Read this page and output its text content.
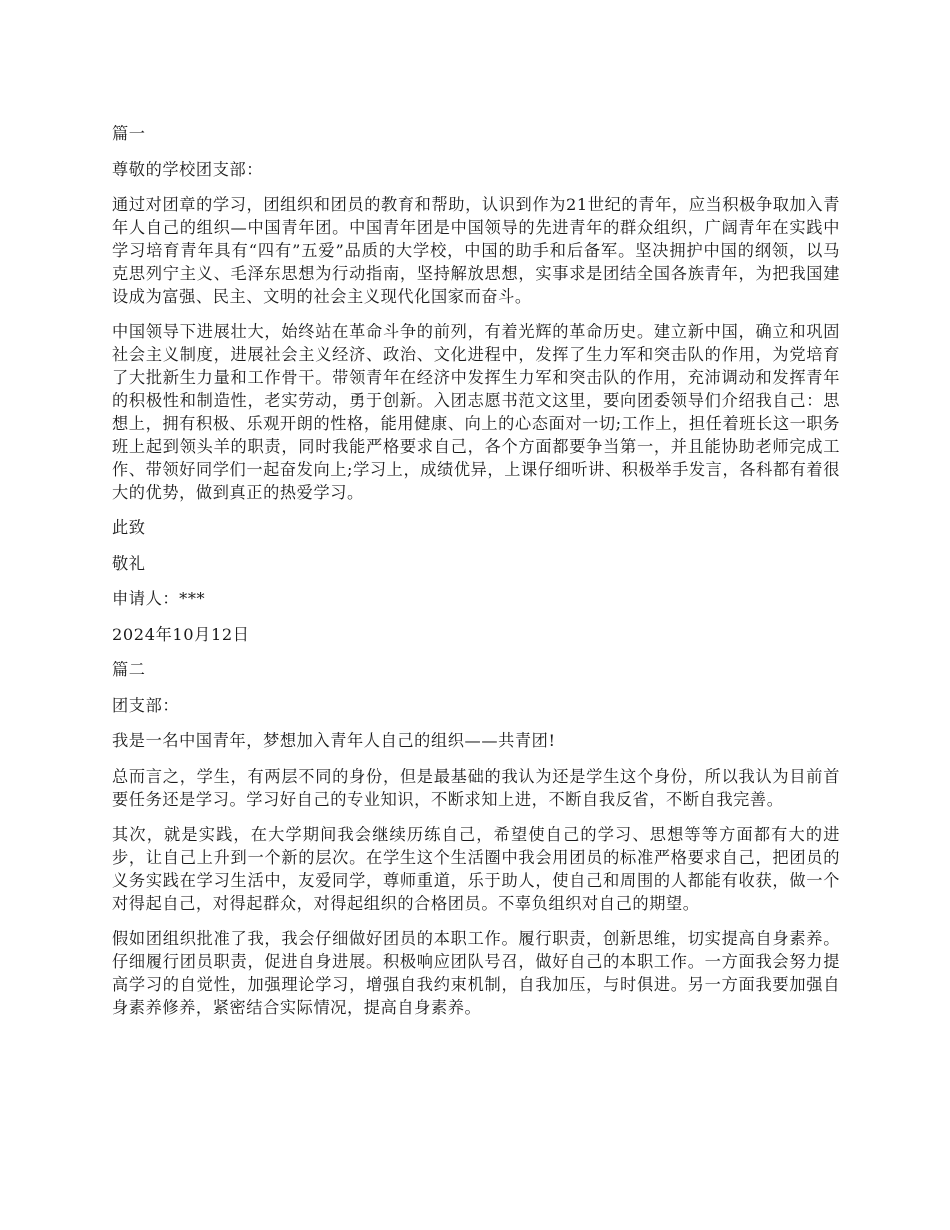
篇一

尊敬的学校团支部：

通过对团章的学习，团组织和团员的教育和帮助，认识到作为21世纪的青年，应当积极争取加入青年人自己的组织—中国青年团。中国青年团是中国领导的先进青年的群众组织，广阔青年在实践中学习培育青年具有“四有”五爱”品质的大学校，中国的助手和后备军。坚决拥护中国的纲领，以马克思列宁主义、毛泽东思想为行动指南，坚持解放思想，实事求是团结全国各族青年，为把我国建设成为富强、民主、文明的社会主义现代化国家而奋斗。

中国领导下进展壮大，始终站在革命斗争的前列，有着光辉的革命历史。建立新中国，确立和巩固社会主义制度，进展社会主义经济、政治、文化进程中，发挥了生力军和突击队的作用，为党培育了大批新生力量和工作骨干。带领青年在经济中发挥生力军和突击队的作用，充沛调动和发挥青年的积极性和制造性，老实劳动，勇于创新。入团志愿书范文这里，要向团委领导们介绍我自己：思想上，拥有积极、乐观开朗的性格，能用健康、向上的心态面对一切;工作上，担任着班长这一职务班上起到领头羊的职责，同时我能严格要求自己，各个方面都要争当第一，并且能协助老师完成工作、带领好同学们一起奋发向上;学习上，成绩优异，上课仔细听讲、积极举手发言，各科都有着很大的优势，做到真正的热爱学习。

此致

敬礼

申请人：***

2024年10月12日

篇二

团支部：

我是一名中国青年，梦想加入青年人自己的组织——共青团!

总而言之，学生，有两层不同的身份，但是最基础的我认为还是学生这个身份，所以我认为目前首要任务还是学习。学习好自己的专业知识，不断求知上进，不断自我反省，不断自我完善。

其次，就是实践，在大学期间我会继续历练自己，希望使自己的学习、思想等等方面都有大的进步，让自己上升到一个新的层次。在学生这个生活圈中我会用团员的标准严格要求自己，把团员的义务实践在学习生活中，友爱同学，尊师重道，乐于助人，使自己和周围的人都能有收获，做一个对得起自己，对得起群众，对得起组织的合格团员。不辜负组织对自己的期望。

假如团组织批准了我，我会仔细做好团员的本职工作。履行职责，创新思维，切实提高自身素养。仔细履行团员职责，促进自身进展。积极响应团队号召，做好自己的本职工作。一方面我会努力提高学习的自觉性，加强理论学习，增强自我约束机制，自我加压，与时俱进。另一方面我要加强自身素养修养，紧密结合实际情况，提高自身素养。
